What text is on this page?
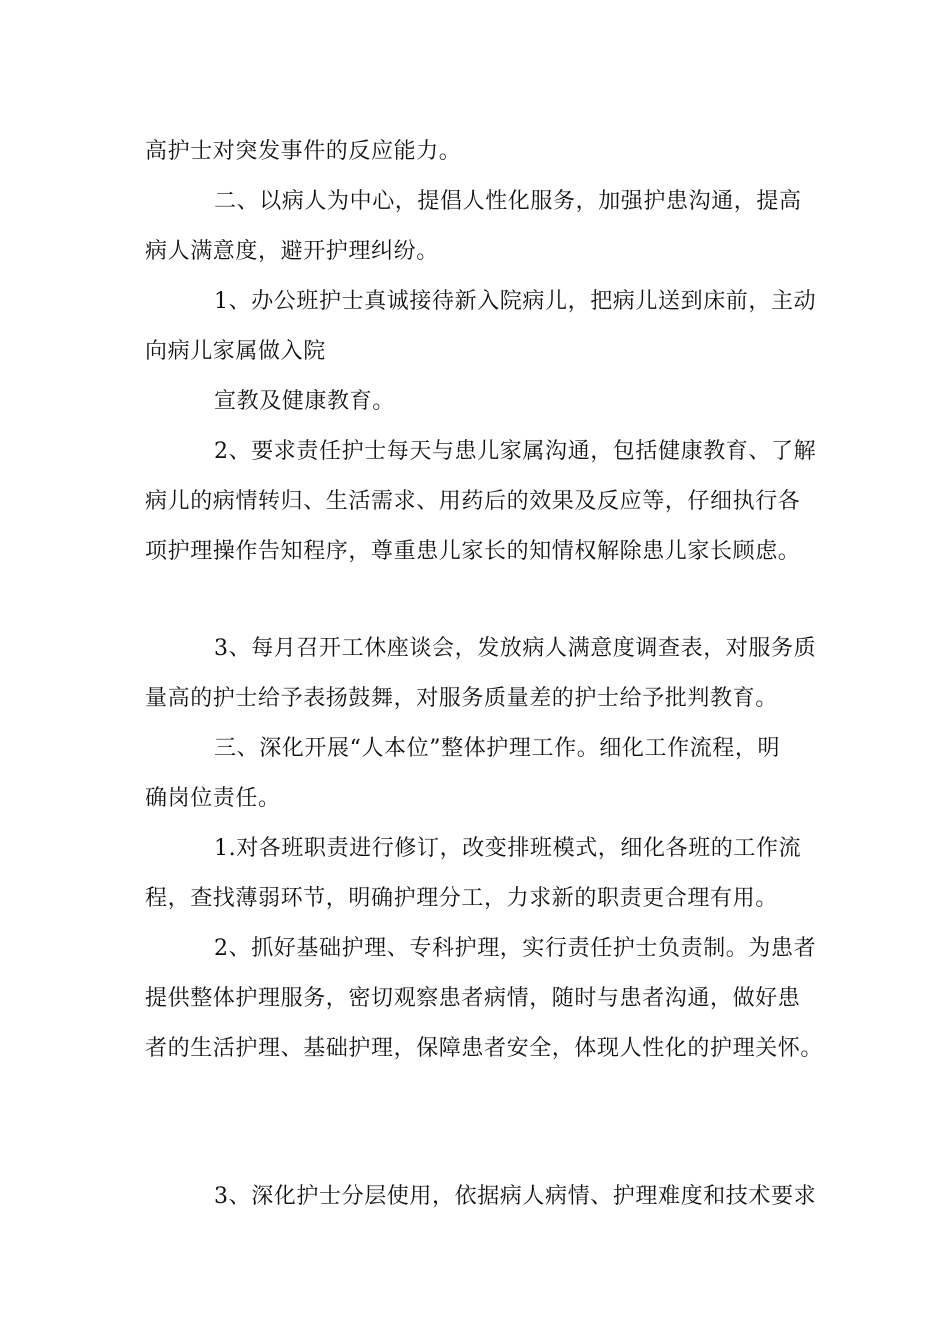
高护士对突发事件的反应能力。
二、以病人为中心，提倡人性化服务，加强护患沟通，提高
病人满意度，避开护理纠纷。
1、办公班护士真诚接待新入院病儿，把病儿送到床前，主动
向病儿家属做入院
宣教及健康教育。
2、要求责任护士每天与患儿家属沟通，包括健康教育、了解
病儿的病情转归、生活需求、用药后的效果及反应等，仔细执行各
项护理操作告知程序，尊重患儿家长的知情权解除患儿家长顾虑。
3、每月召开工休座谈会，发放病人满意度调查表，对服务质
量高的护士给予表扬鼓舞，对服务质量差的护士给予批判教育。
三、深化开展“人本位”整体护理工作。细化工作流程，明
确岗位责任。
1.对各班职责进行修订，改变排班模式，细化各班的工作流
程，查找薄弱环节，明确护理分工，力求新的职责更合理有用。
2、抓好基础护理、专科护理，实行责任护士负责制。为患者
提供整体护理服务，密切观察患者病情，随时与患者沟通，做好患
者的生活护理、基础护理，保障患者安全，体现人性化的护理关怀。
3、深化护士分层使用，依据病人病情、护理难度和技术要求
